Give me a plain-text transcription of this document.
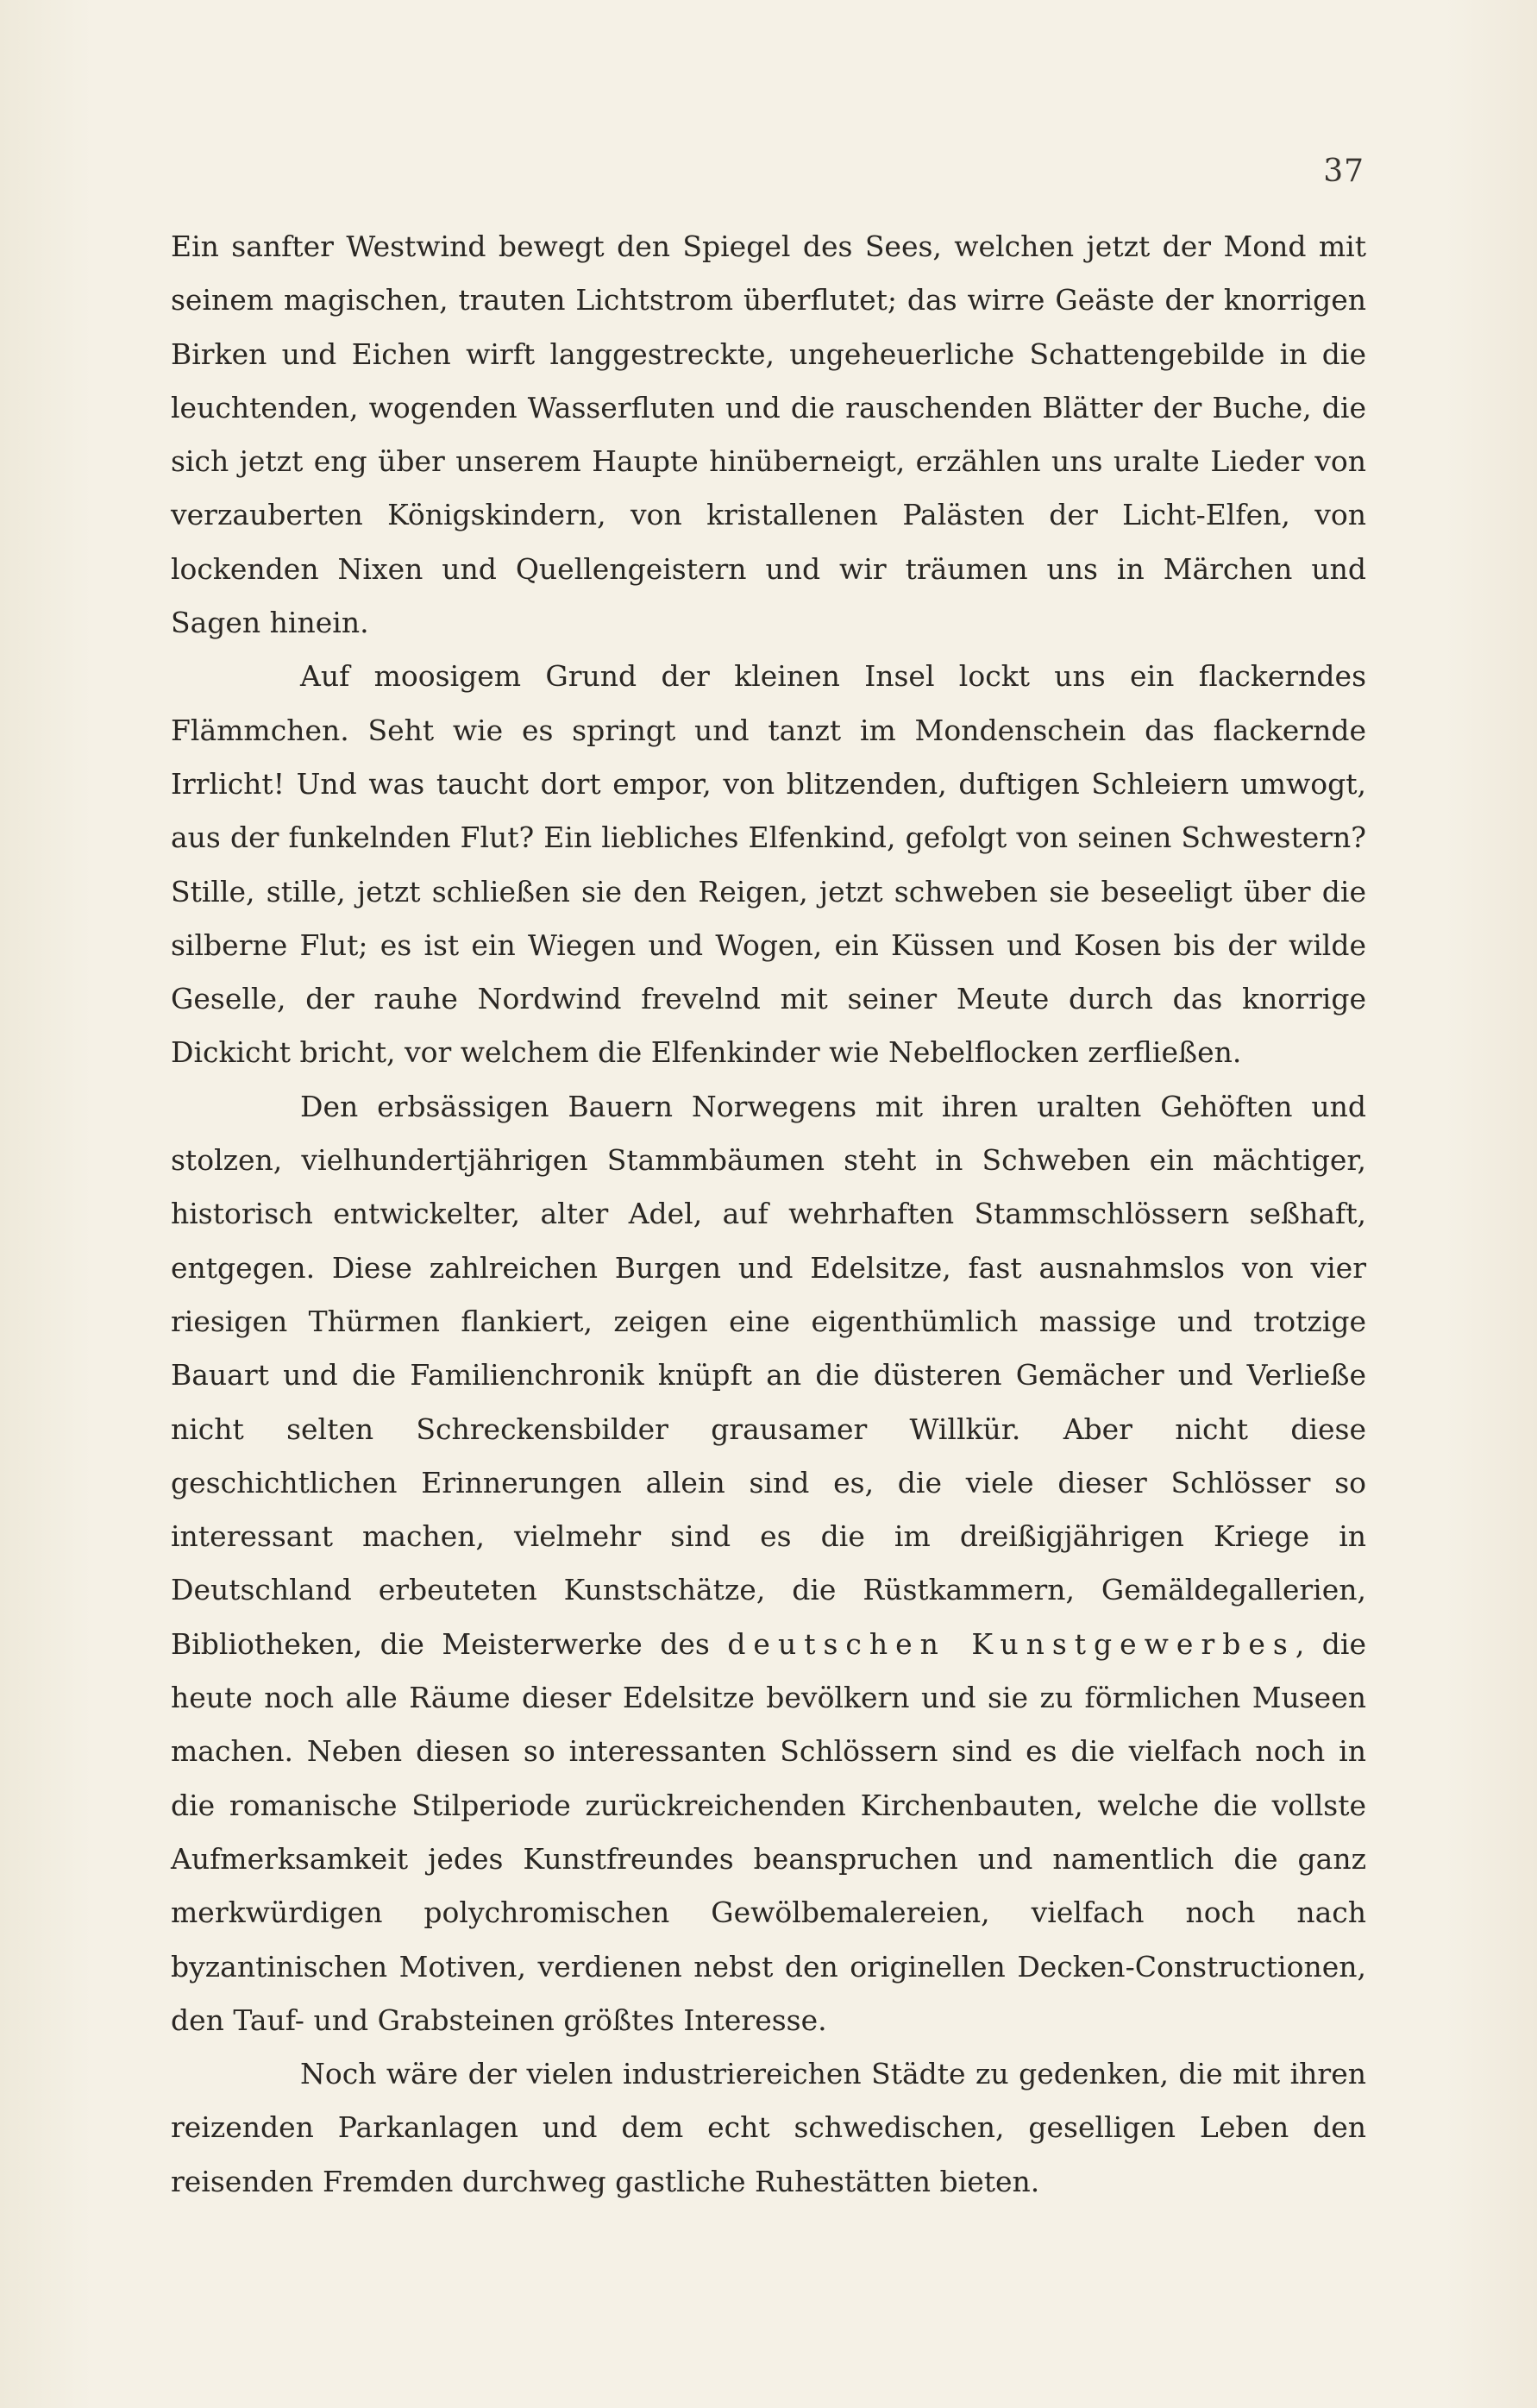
37

Ein sanfter Westwind bewegt den Spiegel des Sees, welchen jetzt der Mond mit seinem magischen, trauten Lichtstrom überflutet; das wirre Geäste der knorrigen Birken und Eichen wirft langgestreckte, ungeheuerliche Schattengebilde in die leuchtenden, wogenden Wasserfluten und die rauschenden Blätter der Buche, die sich jetzt eng über unserem Haupte hinüberneigt, erzählen uns uralte Lieder von verzauberten Königskindern, von kristallenen Palästen der Licht-Elfen, von lockenden Nixen und Quellengeistern und wir träumen uns in Märchen und Sagen hinein.

Auf moosigem Grund der kleinen Insel lockt uns ein flackerndes Flämmchen. Seht wie es springt und tanzt im Mondenschein das flackernde Irrlicht! Und was taucht dort empor, von blitzenden, duftigen Schleiern umwogt, aus der funkelnden Flut? Ein liebliches Elfenkind, gefolgt von seinen Schwestern? Stille, stille, jetzt schließen sie den Reigen, jetzt schweben sie beseeligt über die silberne Flut; es ist ein Wiegen und Wogen, ein Küssen und Kosen bis der wilde Geselle, der rauhe Nordwind frevelnd mit seiner Meute durch das knorrige Dickicht bricht, vor welchem die Elfenkinder wie Nebelflocken zerfließen.

Den erbsässigen Bauern Norwegens mit ihren uralten Gehöften und stolzen, vielhundertjährigen Stammbäumen steht in Schweben ein mächtiger, historisch entwickelter, alter Adel, auf wehrhaften Stammschlössern seßhaft, entgegen. Diese zahlreichen Burgen und Edelsitze, fast ausnahmslos von vier riesigen Thürmen flankiert, zeigen eine eigenthümlich massige und trotzige Bauart und die Familienchronik knüpft an die düsteren Gemächer und Verließe nicht selten Schreckensbilder grausamer Willkür. Aber nicht diese geschichtlichen Erinnerungen allein sind es, die viele dieser Schlösser so interessant machen, vielmehr sind es die im dreißigjährigen Kriege in Deutschland erbeuteten Kunstschätze, die Rüstkammern, Gemäldegallerien, Bibliotheken, die Meisterwerke des deutschen Kunstgewerbes, die heute noch alle Räume dieser Edelsitze bevölkern und sie zu förmlichen Museen machen. Neben diesen so interessanten Schlössern sind es die vielfach noch in die romanische Stilperiode zurückreichenden Kirchenbauten, welche die vollste Aufmerksamkeit jedes Kunstfreundes beanspruchen und namentlich die ganz merkwürdigen polychromischen Gewölbemalereien, vielfach noch nach byzantinischen Motiven, verdienen nebst den originellen Decken-Constructionen, den Tauf- und Grabsteinen größtes Interesse.

Noch wäre der vielen industriereichen Städte zu gedenken, die mit ihren reizenden Parkanlagen und dem echt schwedischen, geselligen Leben den reisenden Fremden durchweg gastliche Ruhestätten bieten.
